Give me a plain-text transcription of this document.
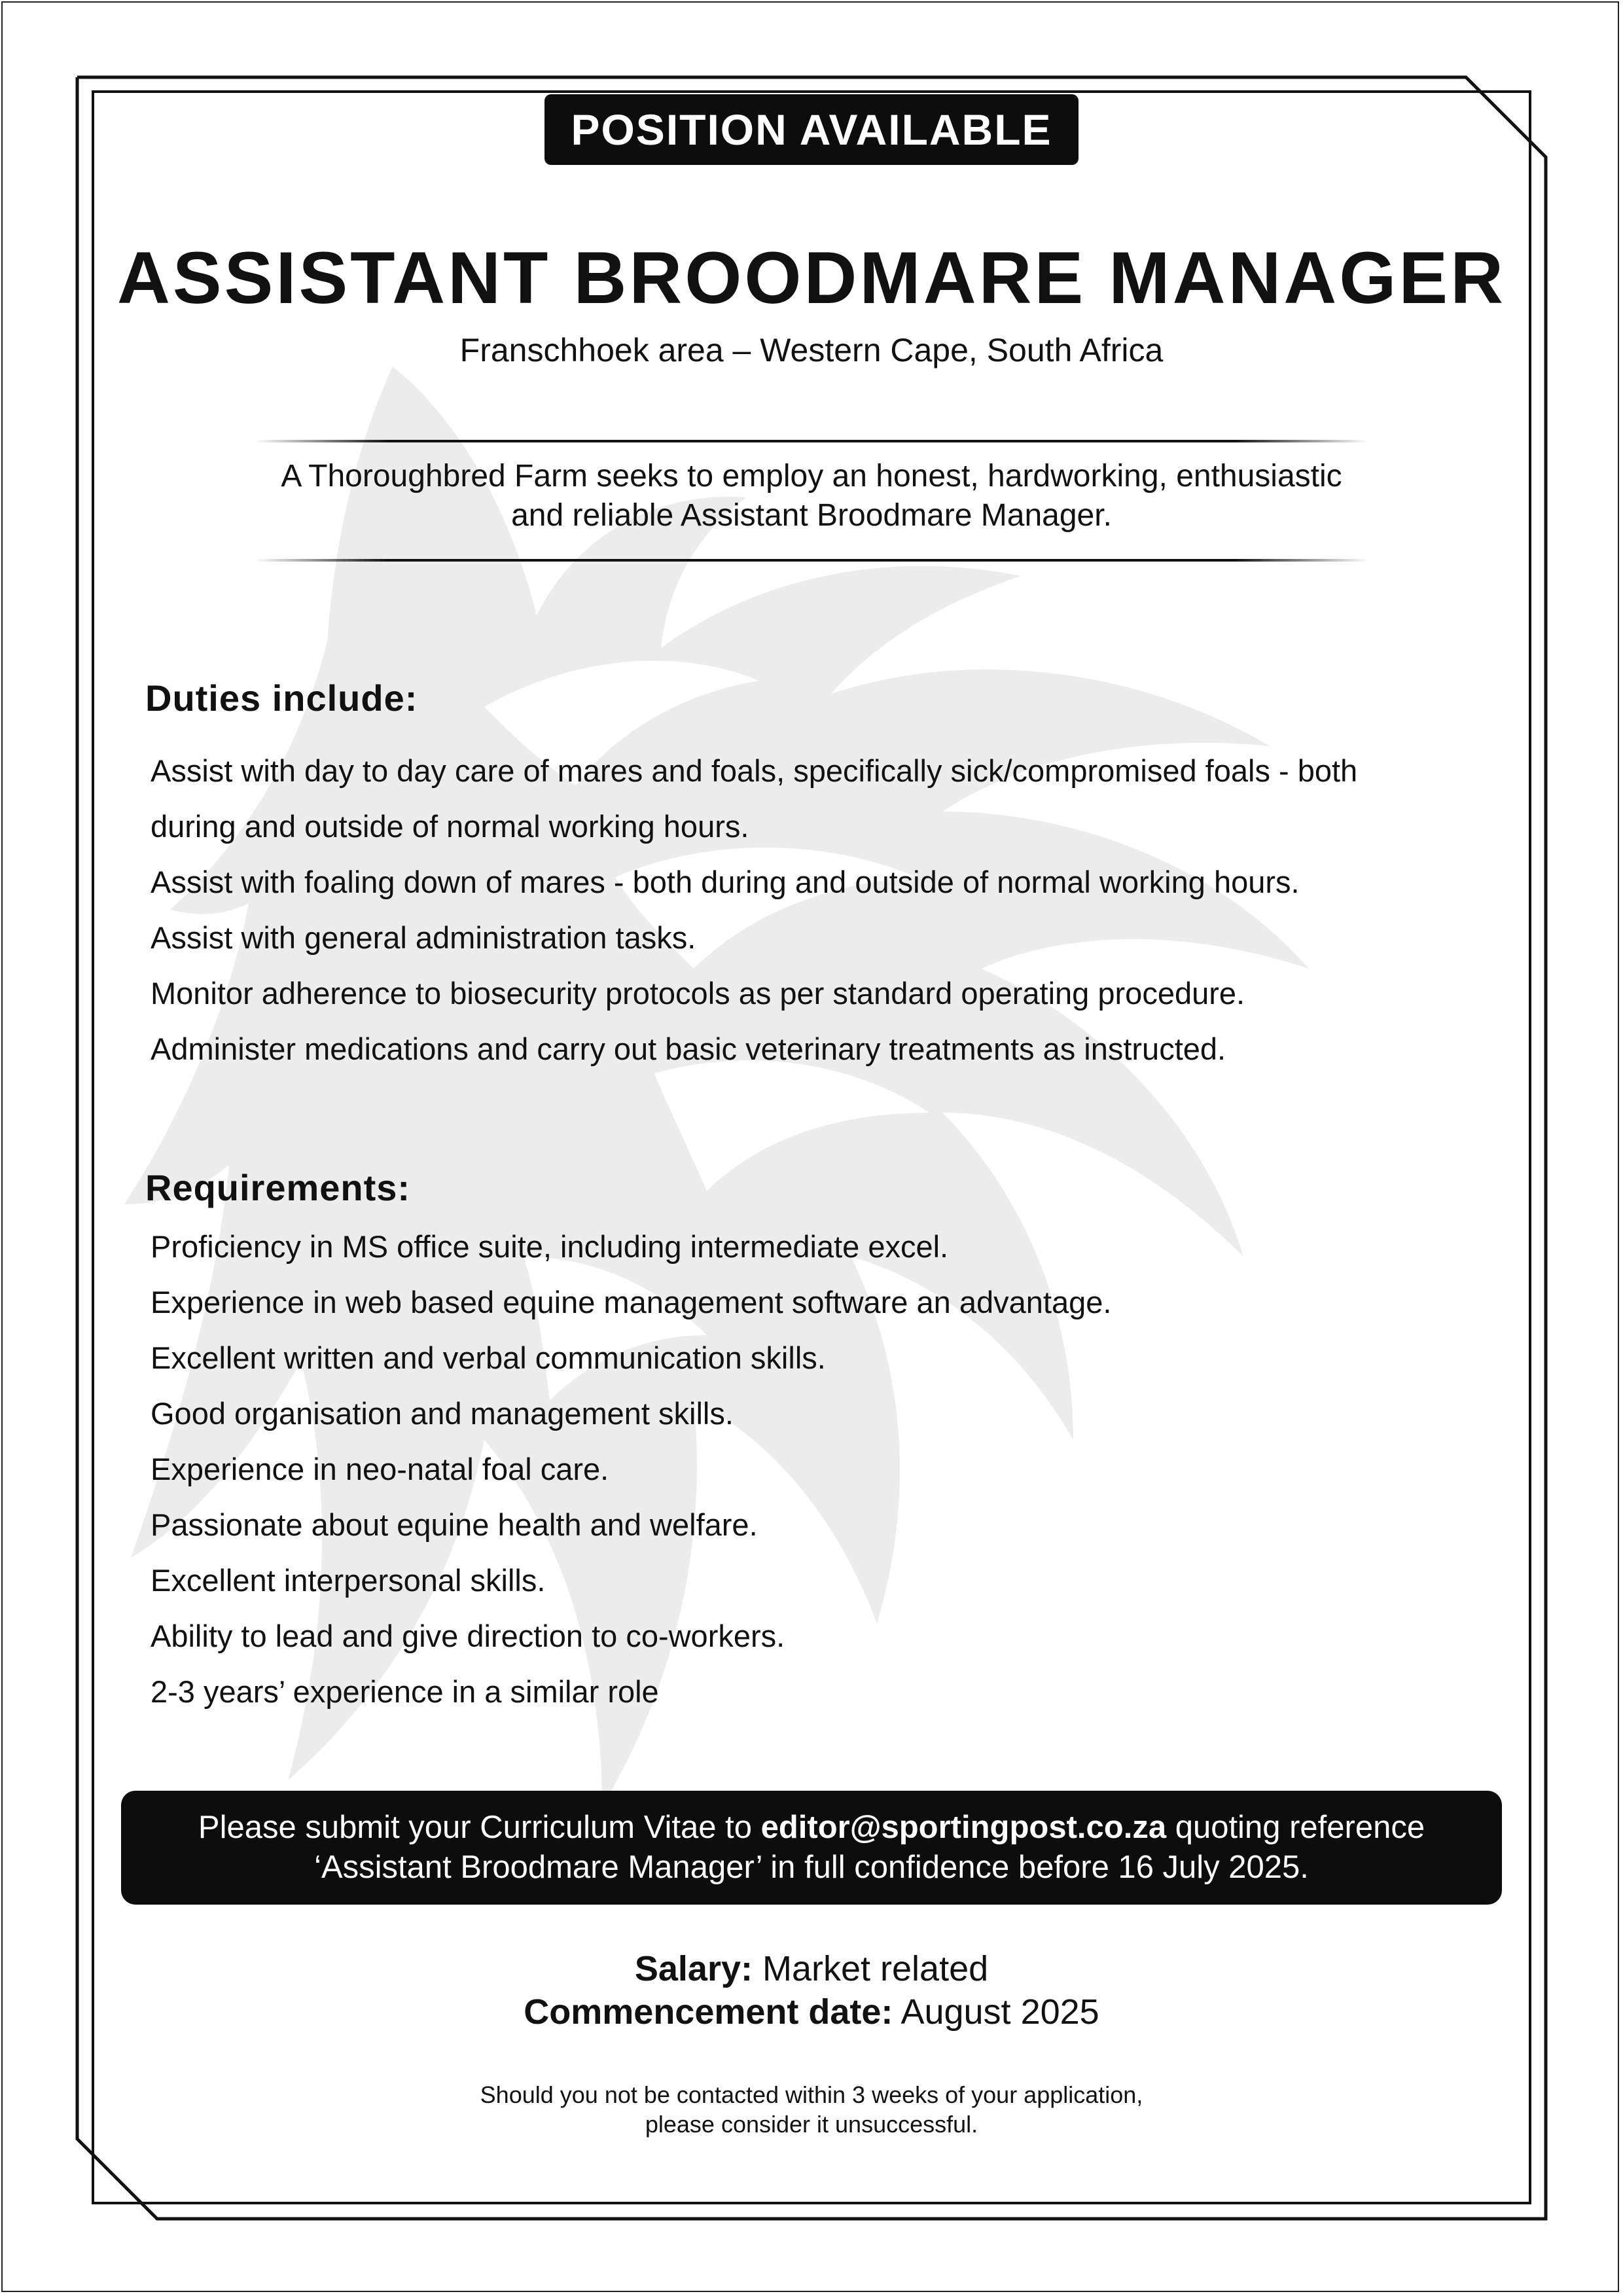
POSITION AVAILABLE
ASSISTANT BROODMARE MANAGER
Franschhoek area – Western Cape, South Africa
A Thoroughbred Farm seeks to employ an honest, hardworking, enthusiastic
and reliable Assistant Broodmare Manager.
Duties include:
Assist with day to day care of mares and foals, specifically sick/compromised foals - both
during and outside of normal working hours.
Assist with foaling down of mares - both during and outside of normal working hours.
Assist with general administration tasks.
Monitor adherence to biosecurity protocols as per standard operating procedure.
Administer medications and carry out basic veterinary treatments as instructed.
Requirements:
Proficiency in MS office suite, including intermediate excel.
Experience in web based equine management software an advantage.
Excellent written and verbal communication skills.
Good organisation and management skills.
Experience in neo-natal foal care.
Passionate about equine health and welfare.
Excellent interpersonal skills.
Ability to lead and give direction to co-workers.
2-3 years’ experience in a similar role
Please submit your Curriculum Vitae to editor@sportingpost.co.za quoting reference
‘Assistant Broodmare Manager’ in full confidence before 16 July 2025.
Salary: Market related
Commencement date: August 2025
Should you not be contacted within 3 weeks of your application,
please consider it unsuccessful.
